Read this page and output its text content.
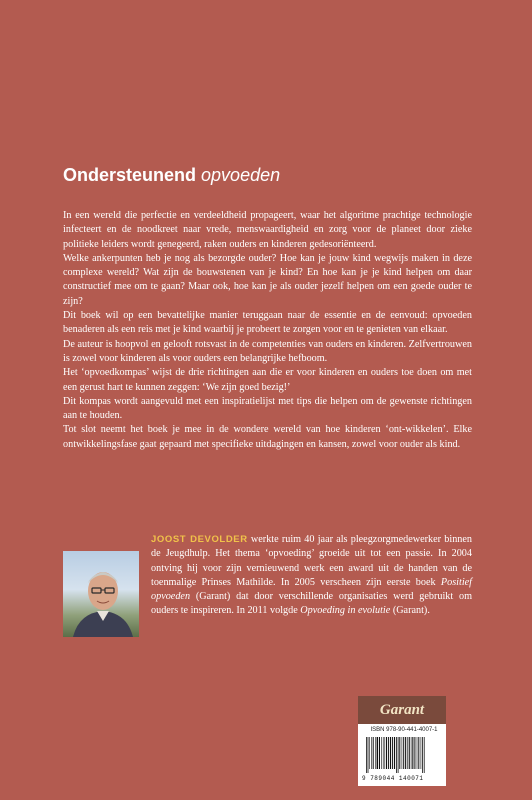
Ondersteunend opvoeden

In een wereld die perfectie en verdeeldheid propageert, waar het algoritme prachtige technologie infecteert en de noodkreet naar vrede, menswaardigheid en zorg voor de planeet door zieke politieke leiders wordt genegeerd, raken ouders en kinderen gedesoriënteerd.

Welke ankerpunten heb je nog als bezorgde ouder? Hoe kan je jouw kind wegwijs maken in deze complexe wereld? Wat zijn de bouwstenen van je kind? En hoe kan je je kind helpen om daar constructief mee om te gaan? Maar ook, hoe kan je als ouder jezelf helpen om een goede ouder te zijn?

Dit boek wil op een bevattelijke manier teruggaan naar de essentie en de eenvoud: opvoeden benaderen als een reis met je kind waarbij je probeert te zorgen voor en te genieten van elkaar.

De auteur is hoopvol en gelooft rotsvast in de competenties van ouders en kinderen. Zelfvertrouwen is zowel voor kinderen als voor ouders een belangrijke hefboom.

Het ‘opvoedkompas’ wijst de drie richtingen aan die er voor kinderen en ouders toe doen om met een gerust hart te kunnen zeggen: ‘We zijn goed bezig!’

Dit kompas wordt aangevuld met een inspiratielijst met tips die helpen om de gewenste richtingen aan te houden.

Tot slot neemt het boek je mee in de wondere wereld van hoe kinderen ‘ont-wikkelen’. Elke ontwikkelingsfase gaat gepaard met specifieke uitdagingen en kansen, zowel voor ouder als kind.

JOOST DEVOLDER werkte ruim 40 jaar als pleegzorgmedewerker binnen de Jeugdhulp. Het thema ‘opvoeding’ groeide uit tot een passie. In 2004 ontving hij voor zijn vernieuwend werk een award uit de handen van de toenmalige Prinses Mathilde. In 2005 verscheen zijn eerste boek Positief opvoeden (Garant) dat door verschillende organisaties werd gebruikt om ouders te inspireren. In 2011 volgde Opvoeding in evolutie (Garant).

Garant
ISBN 978-90-441-4007-1
9 789044 140071
